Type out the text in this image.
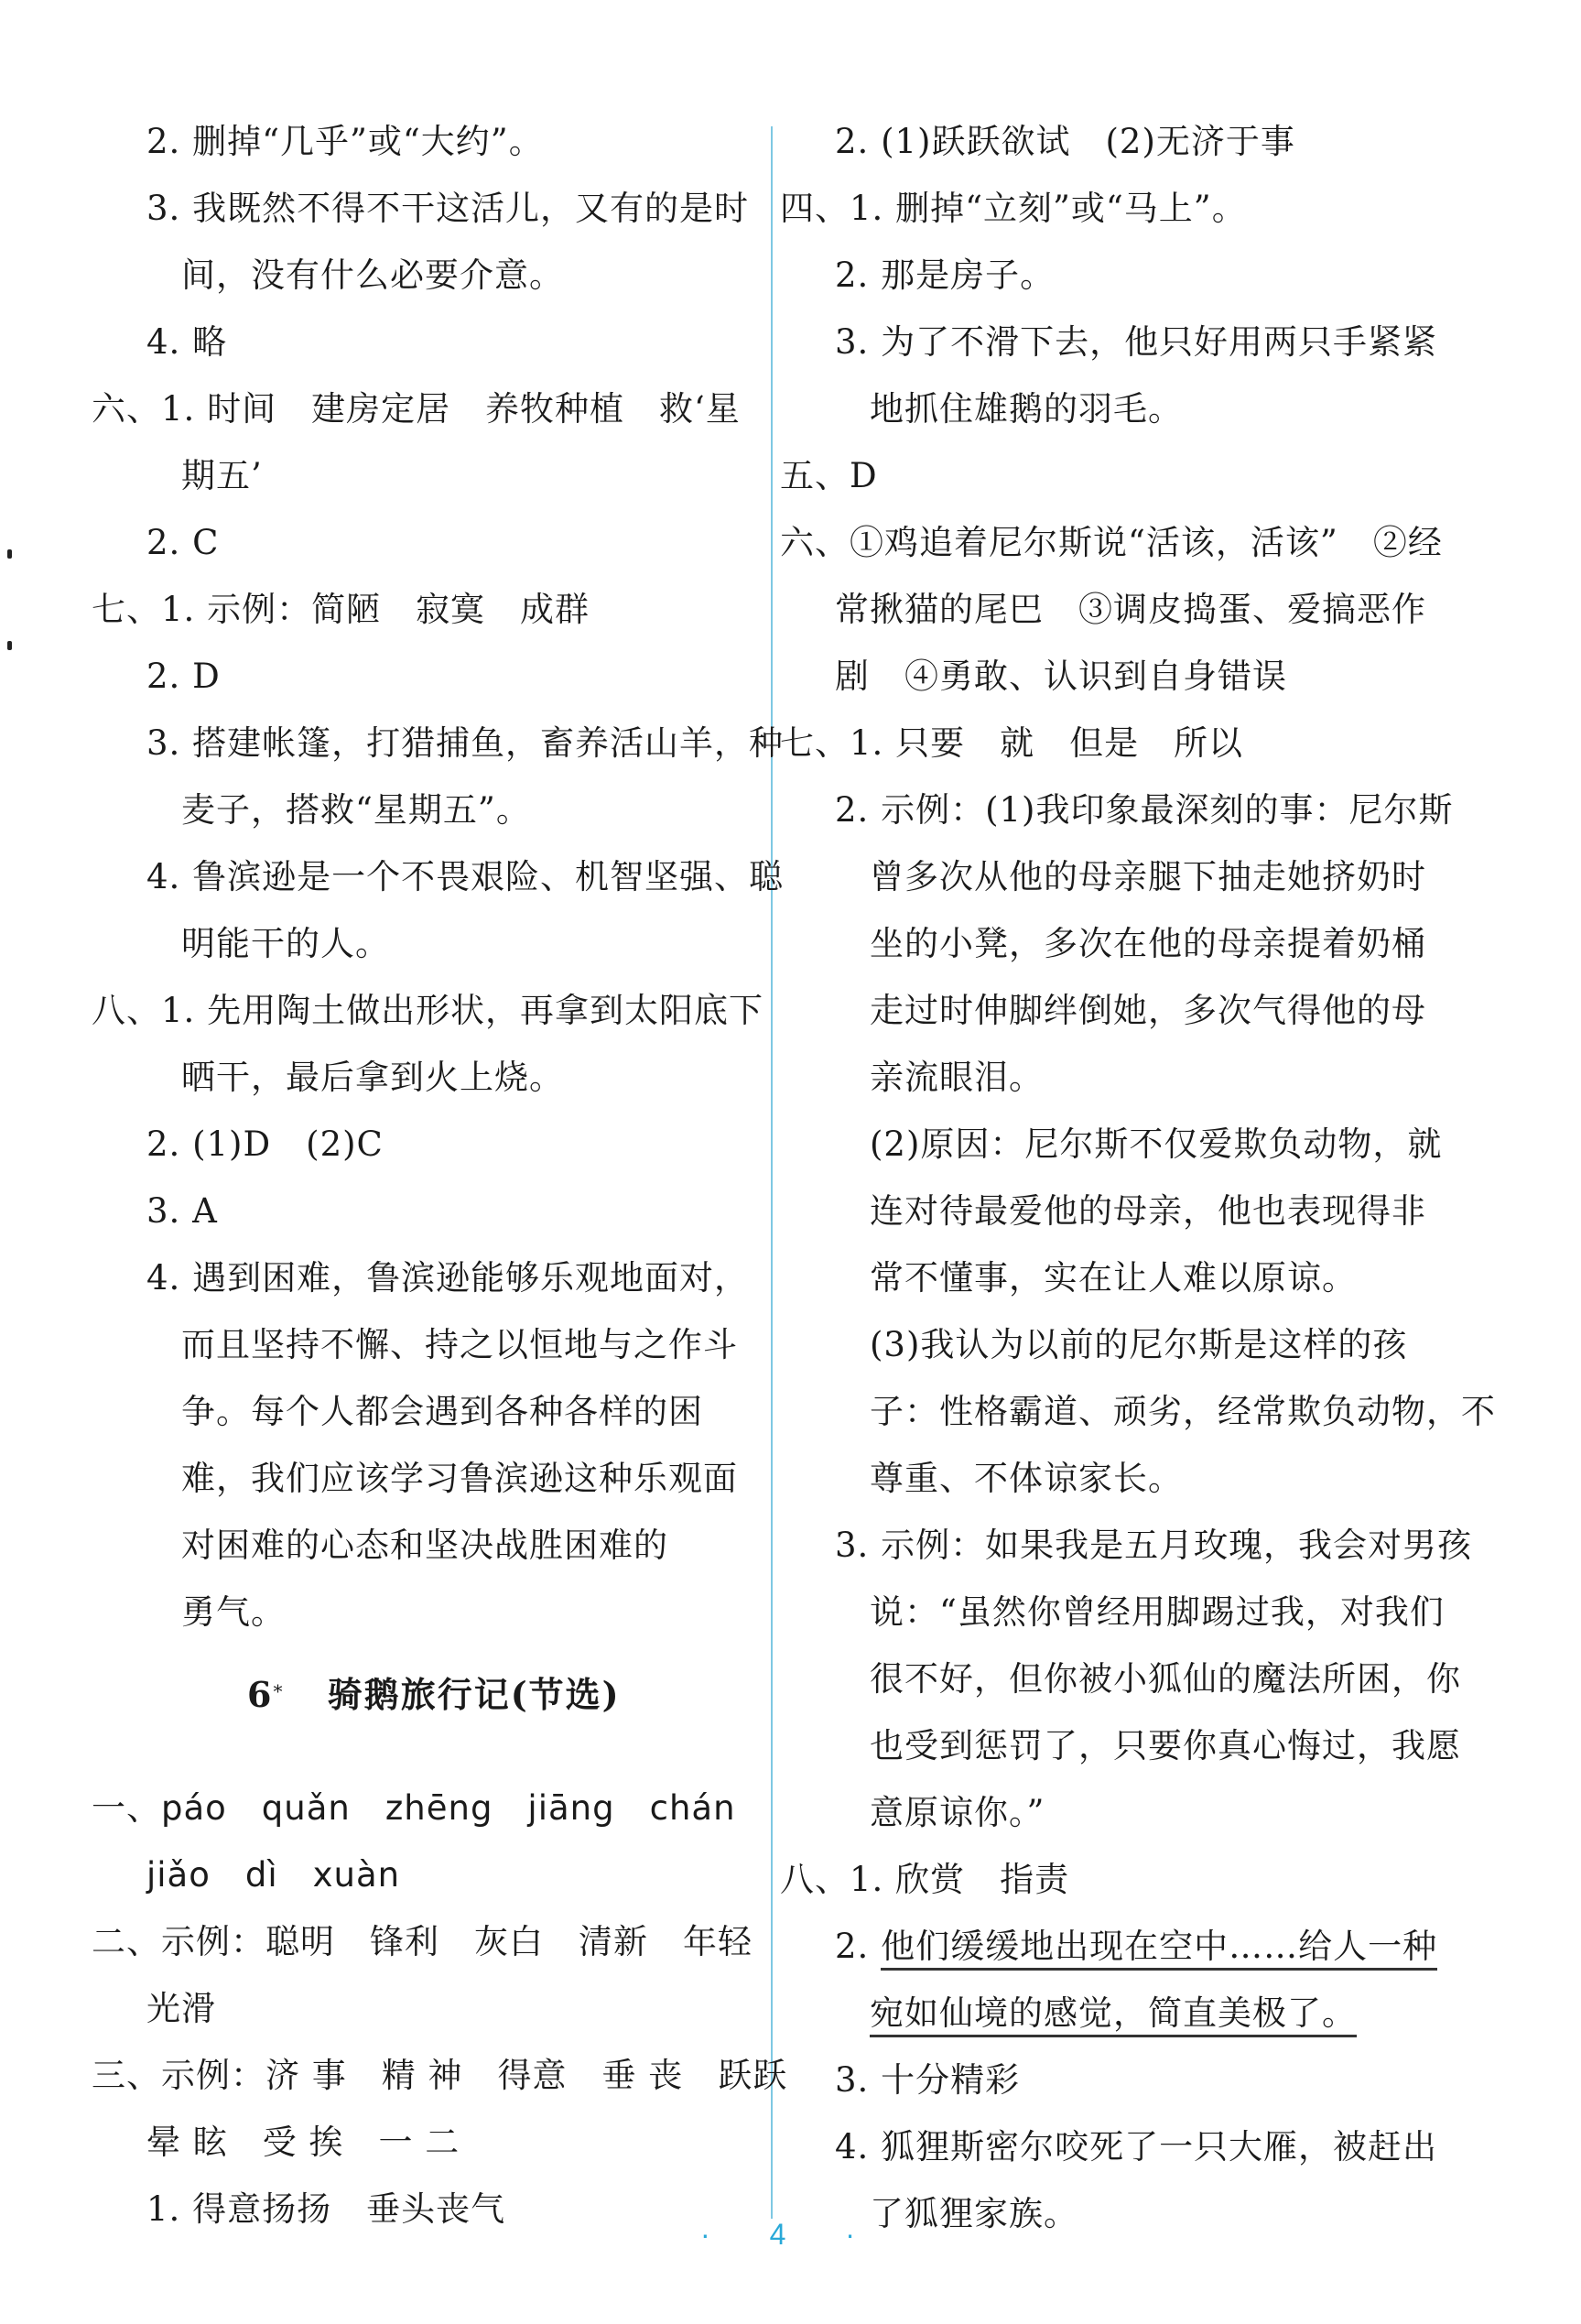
6* 骑鹅旅行记(节选)
· 4 ·
2. 删掉“几乎”或“大约”。
3. 我既然不得不干这活儿，又有的是时
间，没有什么必要介意。
4. 略
六、1. 时间　建房定居　养牧种植　救‘星
期五’
2. C
七、1. 示例：简陋　寂寞　成群
2. D
3. 搭建帐篷，打猎捕鱼，畜养活山羊，种
麦子，搭救“星期五”。
4. 鲁滨逊是一个不畏艰险、机智坚强、聪
明能干的人。
八、1. 先用陶土做出形状，再拿到太阳底下
晒干，最后拿到火上烧。
2. (1)D　(2)C
3. A
4. 遇到困难，鲁滨逊能够乐观地面对，
而且坚持不懈、持之以恒地与之作斗
争。每个人都会遇到各种各样的困
难，我们应该学习鲁滨逊这种乐观面
对困难的心态和坚决战胜困难的
勇气。
一、páo　quǎn　zhēng　jiāng　chán
jiǎo　dì　xuàn
二、示例：聪明　锋利　灰白　清新　年轻
光滑
三、示例：济 事　精 神　得意　垂 丧　跃跃
晕 眩　受 挨　一 二
1. 得意扬扬　垂头丧气
2. (1)跃跃欲试　(2)无济于事
四、1. 删掉“立刻”或“马上”。
2. 那是房子。
3. 为了不滑下去，他只好用两只手紧紧
地抓住雄鹅的羽毛。
五、D
六、①鸡追着尼尔斯说“活该，活该”　②经
常揪猫的尾巴　③调皮捣蛋、爱搞恶作
剧　④勇敢、认识到自身错误
七、1. 只要　就　但是　所以
2. 示例：(1)我印象最深刻的事：尼尔斯
曾多次从他的母亲腿下抽走她挤奶时
坐的小凳，多次在他的母亲提着奶桶
走过时伸脚绊倒她，多次气得他的母
亲流眼泪。
(2)原因：尼尔斯不仅爱欺负动物，就
连对待最爱他的母亲，他也表现得非
常不懂事，实在让人难以原谅。
(3)我认为以前的尼尔斯是这样的孩
子：性格霸道、顽劣，经常欺负动物，不
尊重、不体谅家长。
3. 示例：如果我是五月玫瑰，我会对男孩
说：“虽然你曾经用脚踢过我，对我们
很不好，但你被小狐仙的魔法所困，你
也受到惩罚了，只要你真心悔过，我愿
意原谅你。”
八、1. 欣赏　指责
2. 他们缓缓地出现在空中……给人一种
宛如仙境的感觉，简直美极了。
3. 十分精彩
4. 狐狸斯密尔咬死了一只大雁，被赶出
了狐狸家族。
